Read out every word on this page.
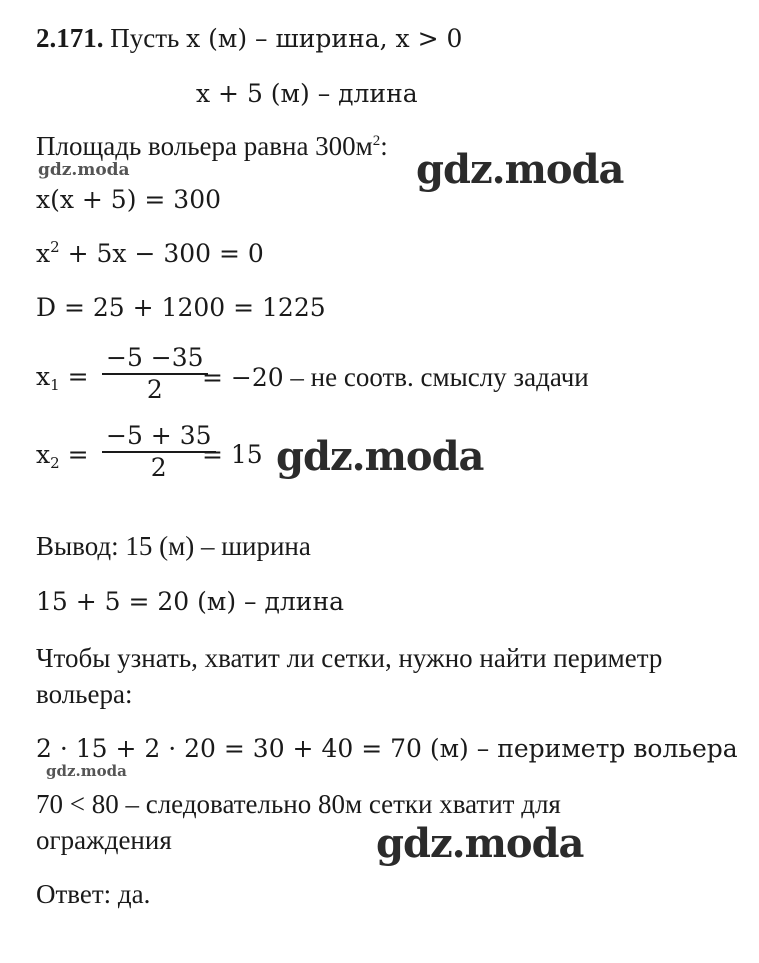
2.171. Пусть x (м) – ширина, x > 0
x + 5 (м) – длина
Площадь вольера равна $300м^2$:
x(x + 5) = 300
$x^2 + 5x - 300 = 0$
D = 25 + 1200 = 1225
$x_1$ =
−5 −35
2	= −20 – не соотв. смыслу задачи
$x_2$ =
−5 + 35
2	= 15
Вывод: 15 (м) – ширина
15 + 5 = 20 (м) – длина
Чтобы узнать, хватит ли сетки, нужно найти периметр
вольера:
2 · 15 + 2 · 20 = 30 + 40 = 70 (м) – периметр вольера
70 < 80 – следовательно 80м сетки хватит для
ограждения
Ответ: да.
gdz.moda	gdz.moda
gdz.moda
gdz.moda
gdz.moda
